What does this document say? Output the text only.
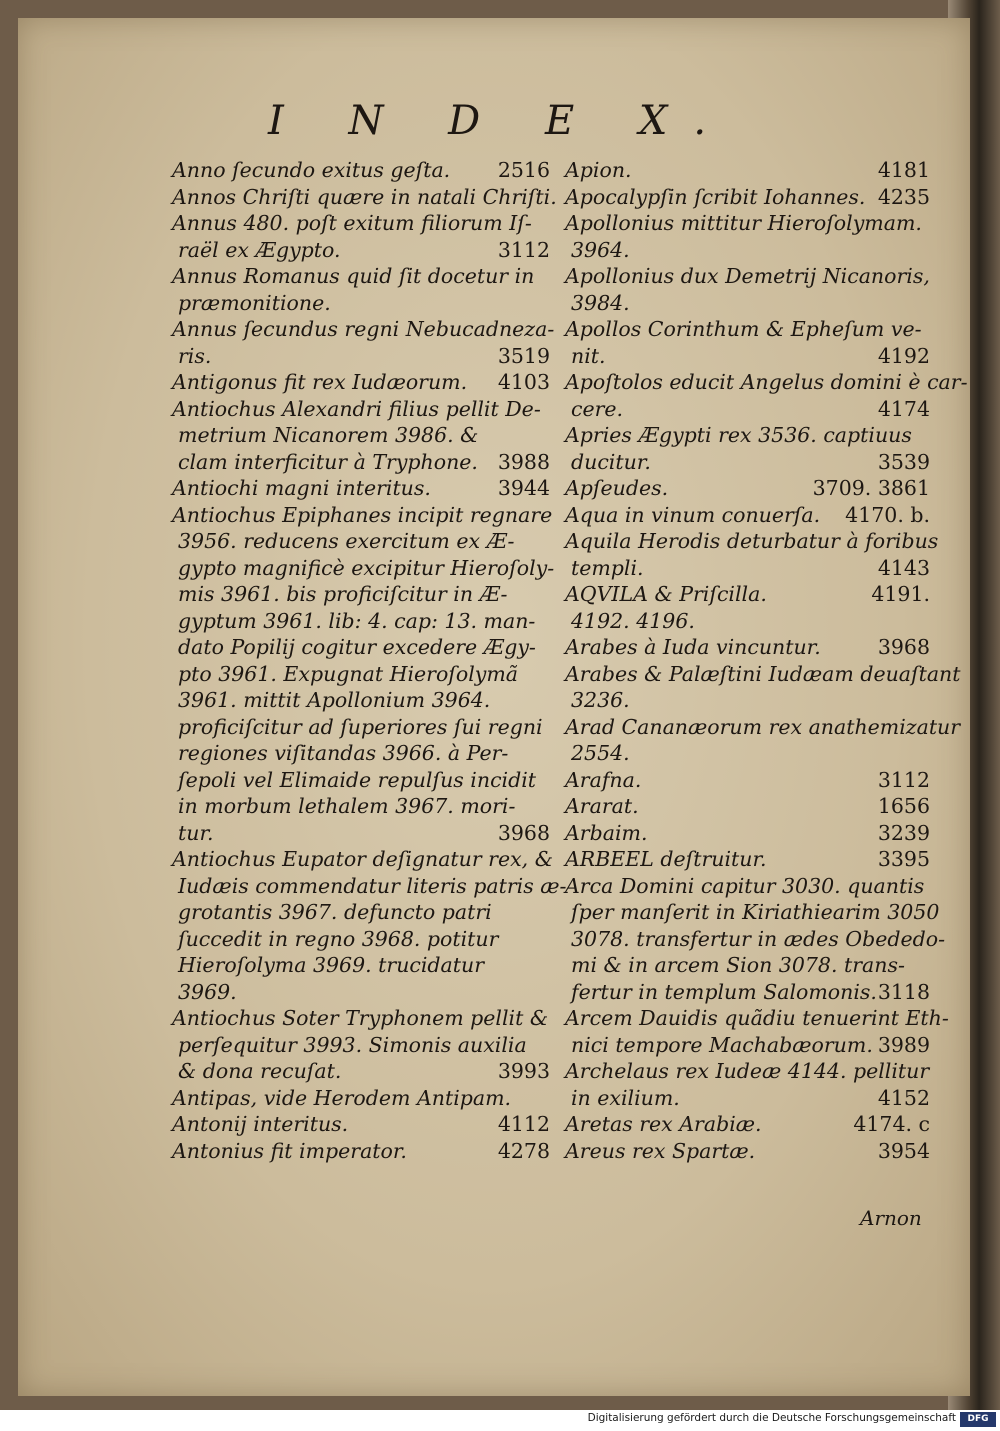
I N D E X.
Anno ſecundo exitus geſta. 2516
Annos Chriſti quære in natali Chriſti.
Annus 480. poſt exitum filiorum Iſ-
raël ex Ægypto.	3112
Annus Romanus quid ſit docetur in
præmonitione.
Annus ſecundus regni Nebucadneza-
ris.	3519
Antigonus fit rex Iudæorum. 4103
Antiochus Alexandri filius pellit De-
metrium Nicanorem 3986. &
clam interficitur à Tryphone. 3988
Antiochi magni interitus.	3944
Antiochus Epiphanes incipit regnare
3956. reducens exercitum ex Æ-
gypto magnificè excipitur Hieroſoly-
mis 3961. bis proficiſcitur in Æ-
gyptum 3961. lib: 4. cap: 13. man-
dato Popilij cogitur excedere Ægy-
pto 3961. Expugnat Hieroſolymã
3961. mittit Apollonium 3964.
proficiſcitur ad ſuperiores ſui regni
regiones viſitandas 3966. à Per-
ſepoli vel Elimaide repulſus incidit
in morbum lethalem 3967. mori-
tur.	3968
Antiochus Eupator deſignatur rex, &
Iudæis commendatur literis patris æ-
grotantis 3967. defuncto patri
ſuccedit in regno 3968. potitur
Hieroſolyma 3969. trucidatur
3969.
Antiochus Soter Tryphonem pellit &
perſequitur 3993. Simonis auxilia
& dona recuſat.	3993
Antipas, vide Herodem Antipam.
Antonij interitus.	4112
Antonius fit imperator.	4278
Apion.	4181
Apocalypſin ſcribit Iohannes. 4235
Apollonius mittitur Hieroſolymam.
3964.
Apollonius dux Demetrij Nicanoris,
3984.
Apollos Corinthum & Epheſum ve-
nit.	4192
Apoſtolos educit Angelus domini è car-
cere.	4174
Apries Ægypti rex 3536. captiuus
ducitur.	3539
Apſeudes.	3709. 3861
Aqua in vinum conuerſa. 4170. b.
Aquila Herodis deturbatur à foribus
templi.	4143
AQVILA & Priſcilla.	4191.
4192. 4196.
Arabes à Iuda vincuntur.	3968
Arabes & Palæſtini Iudæam deuaſtant
3236.
Arad Cananæorum rex anathemizatur
2554.
Arafna.	3112
Ararat.	1656
Arbaim.	3239
ARBEEL deſtruitur.	3395
Arca Domini capitur 3030. quantis
ſper manſerit in Kiriathiearim 3050
3078. transfertur in ædes Obededo-
mi & in arcem Sion 3078. trans-
fertur in templum Salomonis. 3118
Arcem Dauidis quãdiu tenuerint Eth-
nici tempore Machabæorum. 3989
Archelaus rex Iudeæ 4144. pellitur
in exilium.	4152
Aretas rex Arabiæ.	4174. c
Areus rex Spartæ.	3954
Arnon
Digitalisierung gefördert durch die Deutsche Forschungsgemeinschaft	DFG
